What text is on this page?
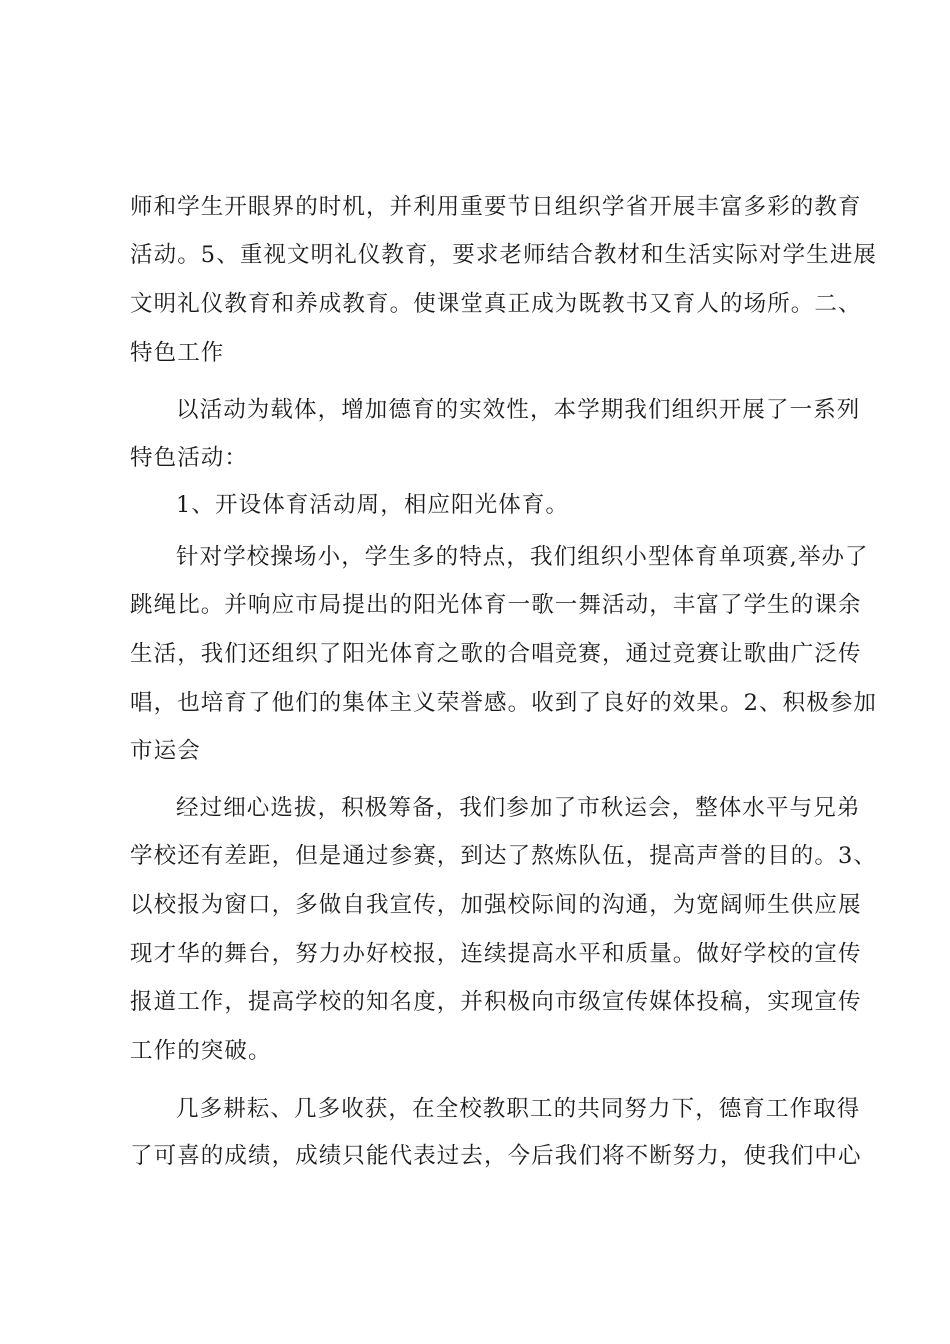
师和学生开眼界的时机，并利用重要节日组织学省开展丰富多彩的教育
活动。5、重视文明礼仪教育，要求老师结合教材和生活实际对学生进展
文明礼仪教育和养成教育。使课堂真正成为既教书又育人的场所。二、
特色工作
以活动为载体，增加德育的实效性，本学期我们组织开展了一系列
特色活动：
1、开设体育活动周，相应阳光体育。
针对学校操场小，学生多的特点，我们组织小型体育单项赛,举办了
跳绳比。并响应市局提出的阳光体育一歌一舞活动，丰富了学生的课余
生活，我们还组织了阳光体育之歌的合唱竞赛，通过竞赛让歌曲广泛传
唱，也培育了他们的集体主义荣誉感。收到了良好的效果。2、积极参加
市运会
经过细心选拔，积极筹备，我们参加了市秋运会，整体水平与兄弟
学校还有差距，但是通过参赛，到达了熬炼队伍，提高声誉的目的。3、
以校报为窗口，多做自我宣传，加强校际间的沟通，为宽阔师生供应展
现才华的舞台，努力办好校报，连续提高水平和质量。做好学校的宣传
报道工作，提高学校的知名度，并积极向市级宣传媒体投稿，实现宣传
工作的突破。
几多耕耘、几多收获，在全校教职工的共同努力下，德育工作取得
了可喜的成绩，成绩只能代表过去，今后我们将不断努力，使我们中心
